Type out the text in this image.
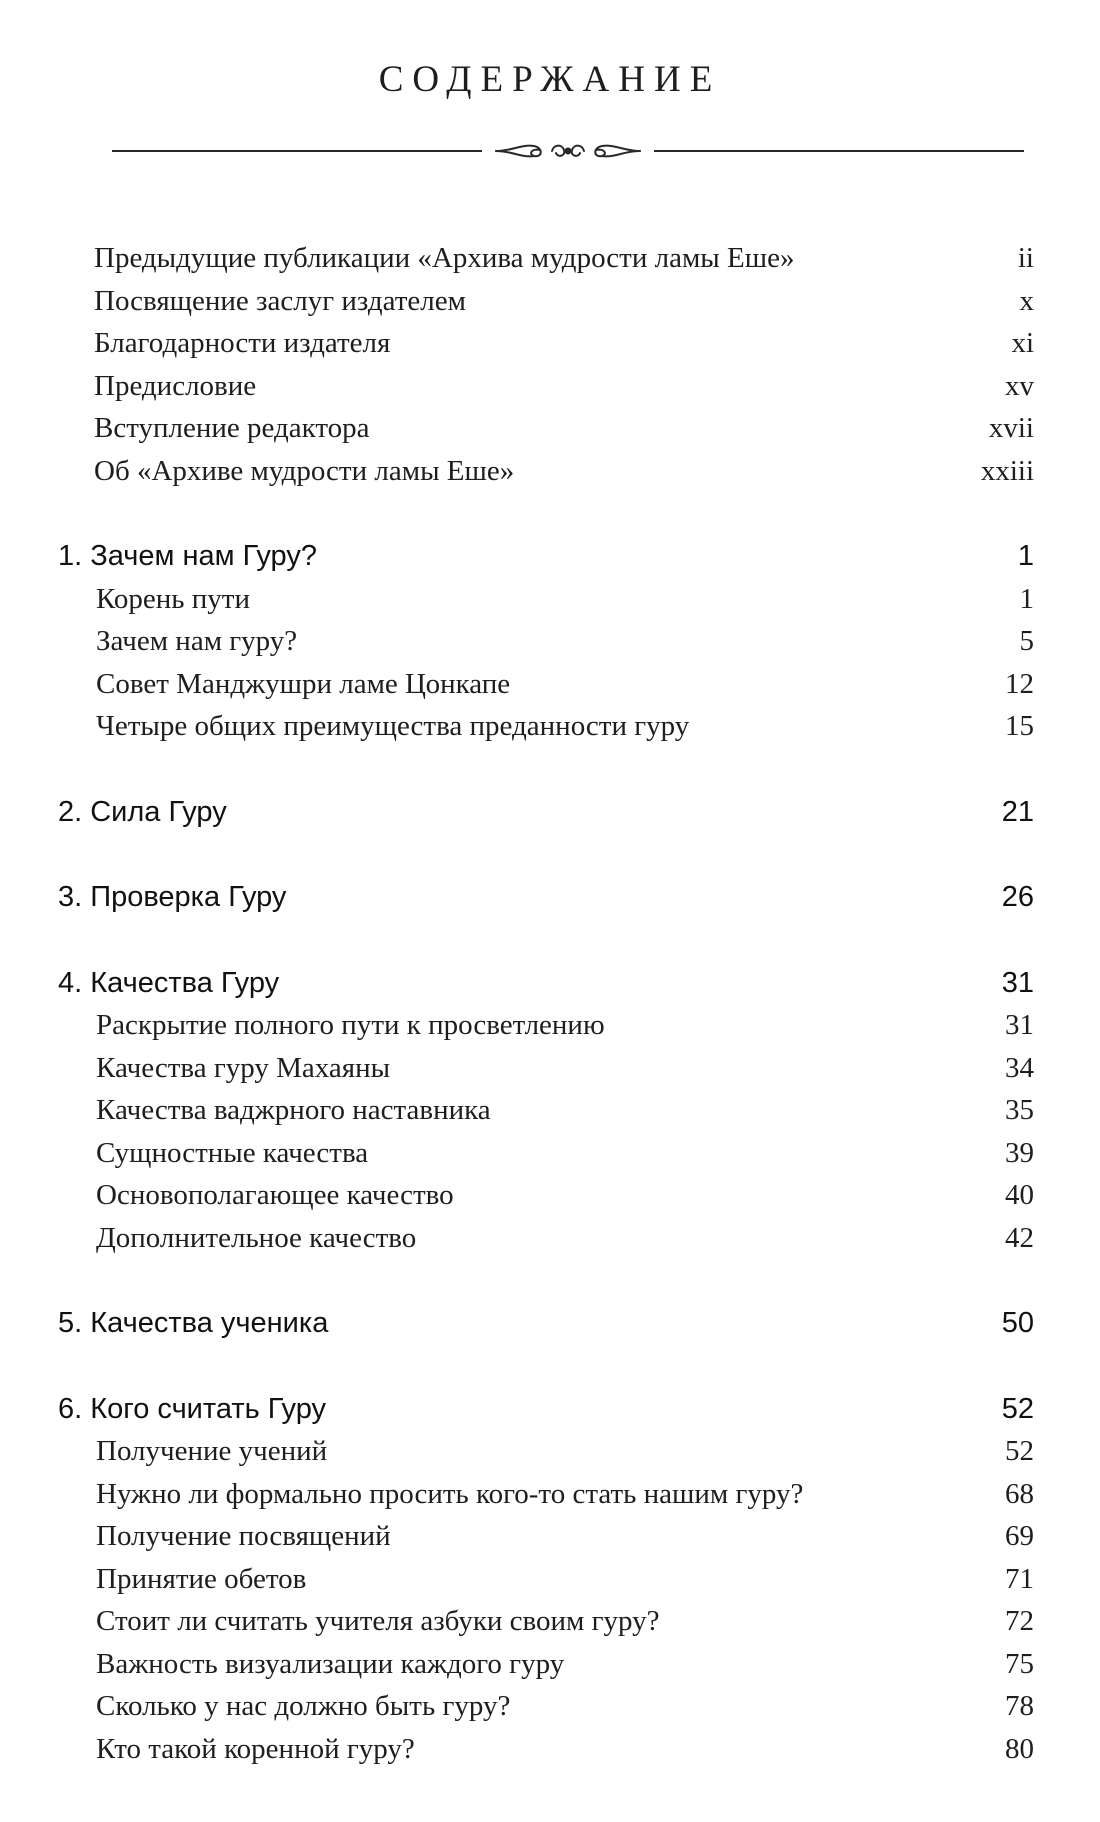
СОДЕРЖАНИЕ
Предыдущие публикации «Архива мудрости ламы Еше»	ii
Посвящение заслуг издателем	x
Благодарности издателя	xi
Предисловие	xv
Вступление редактора	xvii
Об «Архиве мудрости ламы Еше»	xxiii
1. Зачем нам Гуру?	1
Корень пути	1
Зачем нам гуру?	5
Совет Манджушри ламе Цонкапе	12
Четыре общих преимущества преданности гуру	15
2. Сила Гуру	21
3. Проверка Гуру	26
4. Качества Гуру	31
Раскрытие полного пути к просветлению	31
Качества гуру Махаяны	34
Качества ваджрного наставника	35
Сущностные качества	39
Основополагающее качество	40
Дополнительное качество	42
5. Качества ученика	50
6. Кого считать Гуру	52
Получение учений	52
Нужно ли формально просить кого-то стать нашим гуру?	68
Получение посвящений	69
Принятие обетов	71
Стоит ли считать учителя азбуки своим гуру?	72
Важность визуализации каждого гуру	75
Сколько у нас должно быть гуру?	78
Кто такой коренной гуру?	80
